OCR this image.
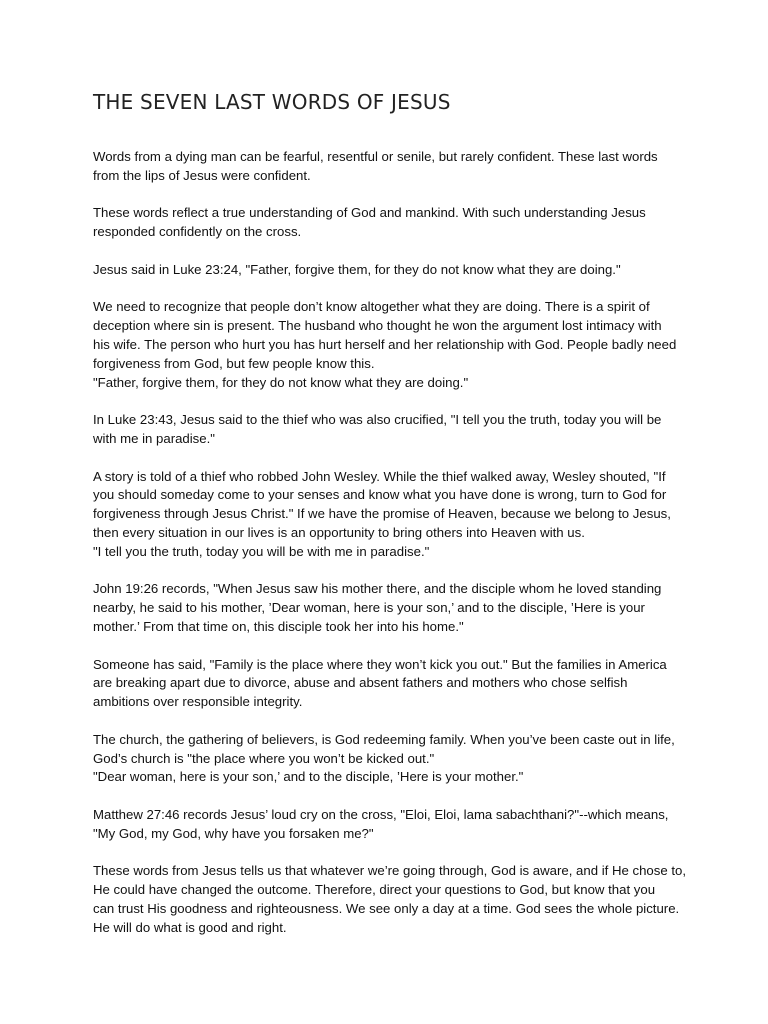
THE SEVEN LAST WORDS OF JESUS
Words from a dying man can be fearful, resentful or senile, but rarely confident. These last words
from the lips of Jesus were confident.
These words reflect a true understanding of God and mankind. With such understanding Jesus
responded confidently on the cross.
Jesus said in Luke 23:24, "Father, forgive them, for they do not know what they are doing."
We need to recognize that people don’t know altogether what they are doing. There is a spirit of
deception where sin is present. The husband who thought he won the argument lost intimacy with
his wife. The person who hurt you has hurt herself and her relationship with God. People badly need
forgiveness from God, but few people know this.
"Father, forgive them, for they do not know what they are doing."
In Luke 23:43, Jesus said to the thief who was also crucified, "I tell you the truth, today you will be
with me in paradise."
A story is told of a thief who robbed John Wesley. While the thief walked away, Wesley shouted, "If
you should someday come to your senses and know what you have done is wrong, turn to God for
forgiveness through Jesus Christ." If we have the promise of Heaven, because we belong to Jesus,
then every situation in our lives is an opportunity to bring others into Heaven with us.
"I tell you the truth, today you will be with me in paradise."
John 19:26 records, "When Jesus saw his mother there, and the disciple whom he loved standing
nearby, he said to his mother, ’Dear woman, here is your son,’ and to the disciple, ’Here is your
mother.’ From that time on, this disciple took her into his home."
Someone has said, "Family is the place where they won’t kick you out." But the families in America
are breaking apart due to divorce, abuse and absent fathers and mothers who chose selfish
ambitions over responsible integrity.
The church, the gathering of believers, is God redeeming family. When you’ve been caste out in life,
God’s church is "the place where you won’t be kicked out."
"Dear woman, here is your son,’ and to the disciple, ’Here is your mother."
Matthew 27:46 records Jesus’ loud cry on the cross, "Eloi, Eloi, lama sabachthani?"--which means,
"My God, my God, why have you forsaken me?"
These words from Jesus tells us that whatever we’re going through, God is aware, and if He chose to,
He could have changed the outcome. Therefore, direct your questions to God, but know that you
can trust His goodness and righteousness. We see only a day at a time. God sees the whole picture.
He will do what is good and right.
